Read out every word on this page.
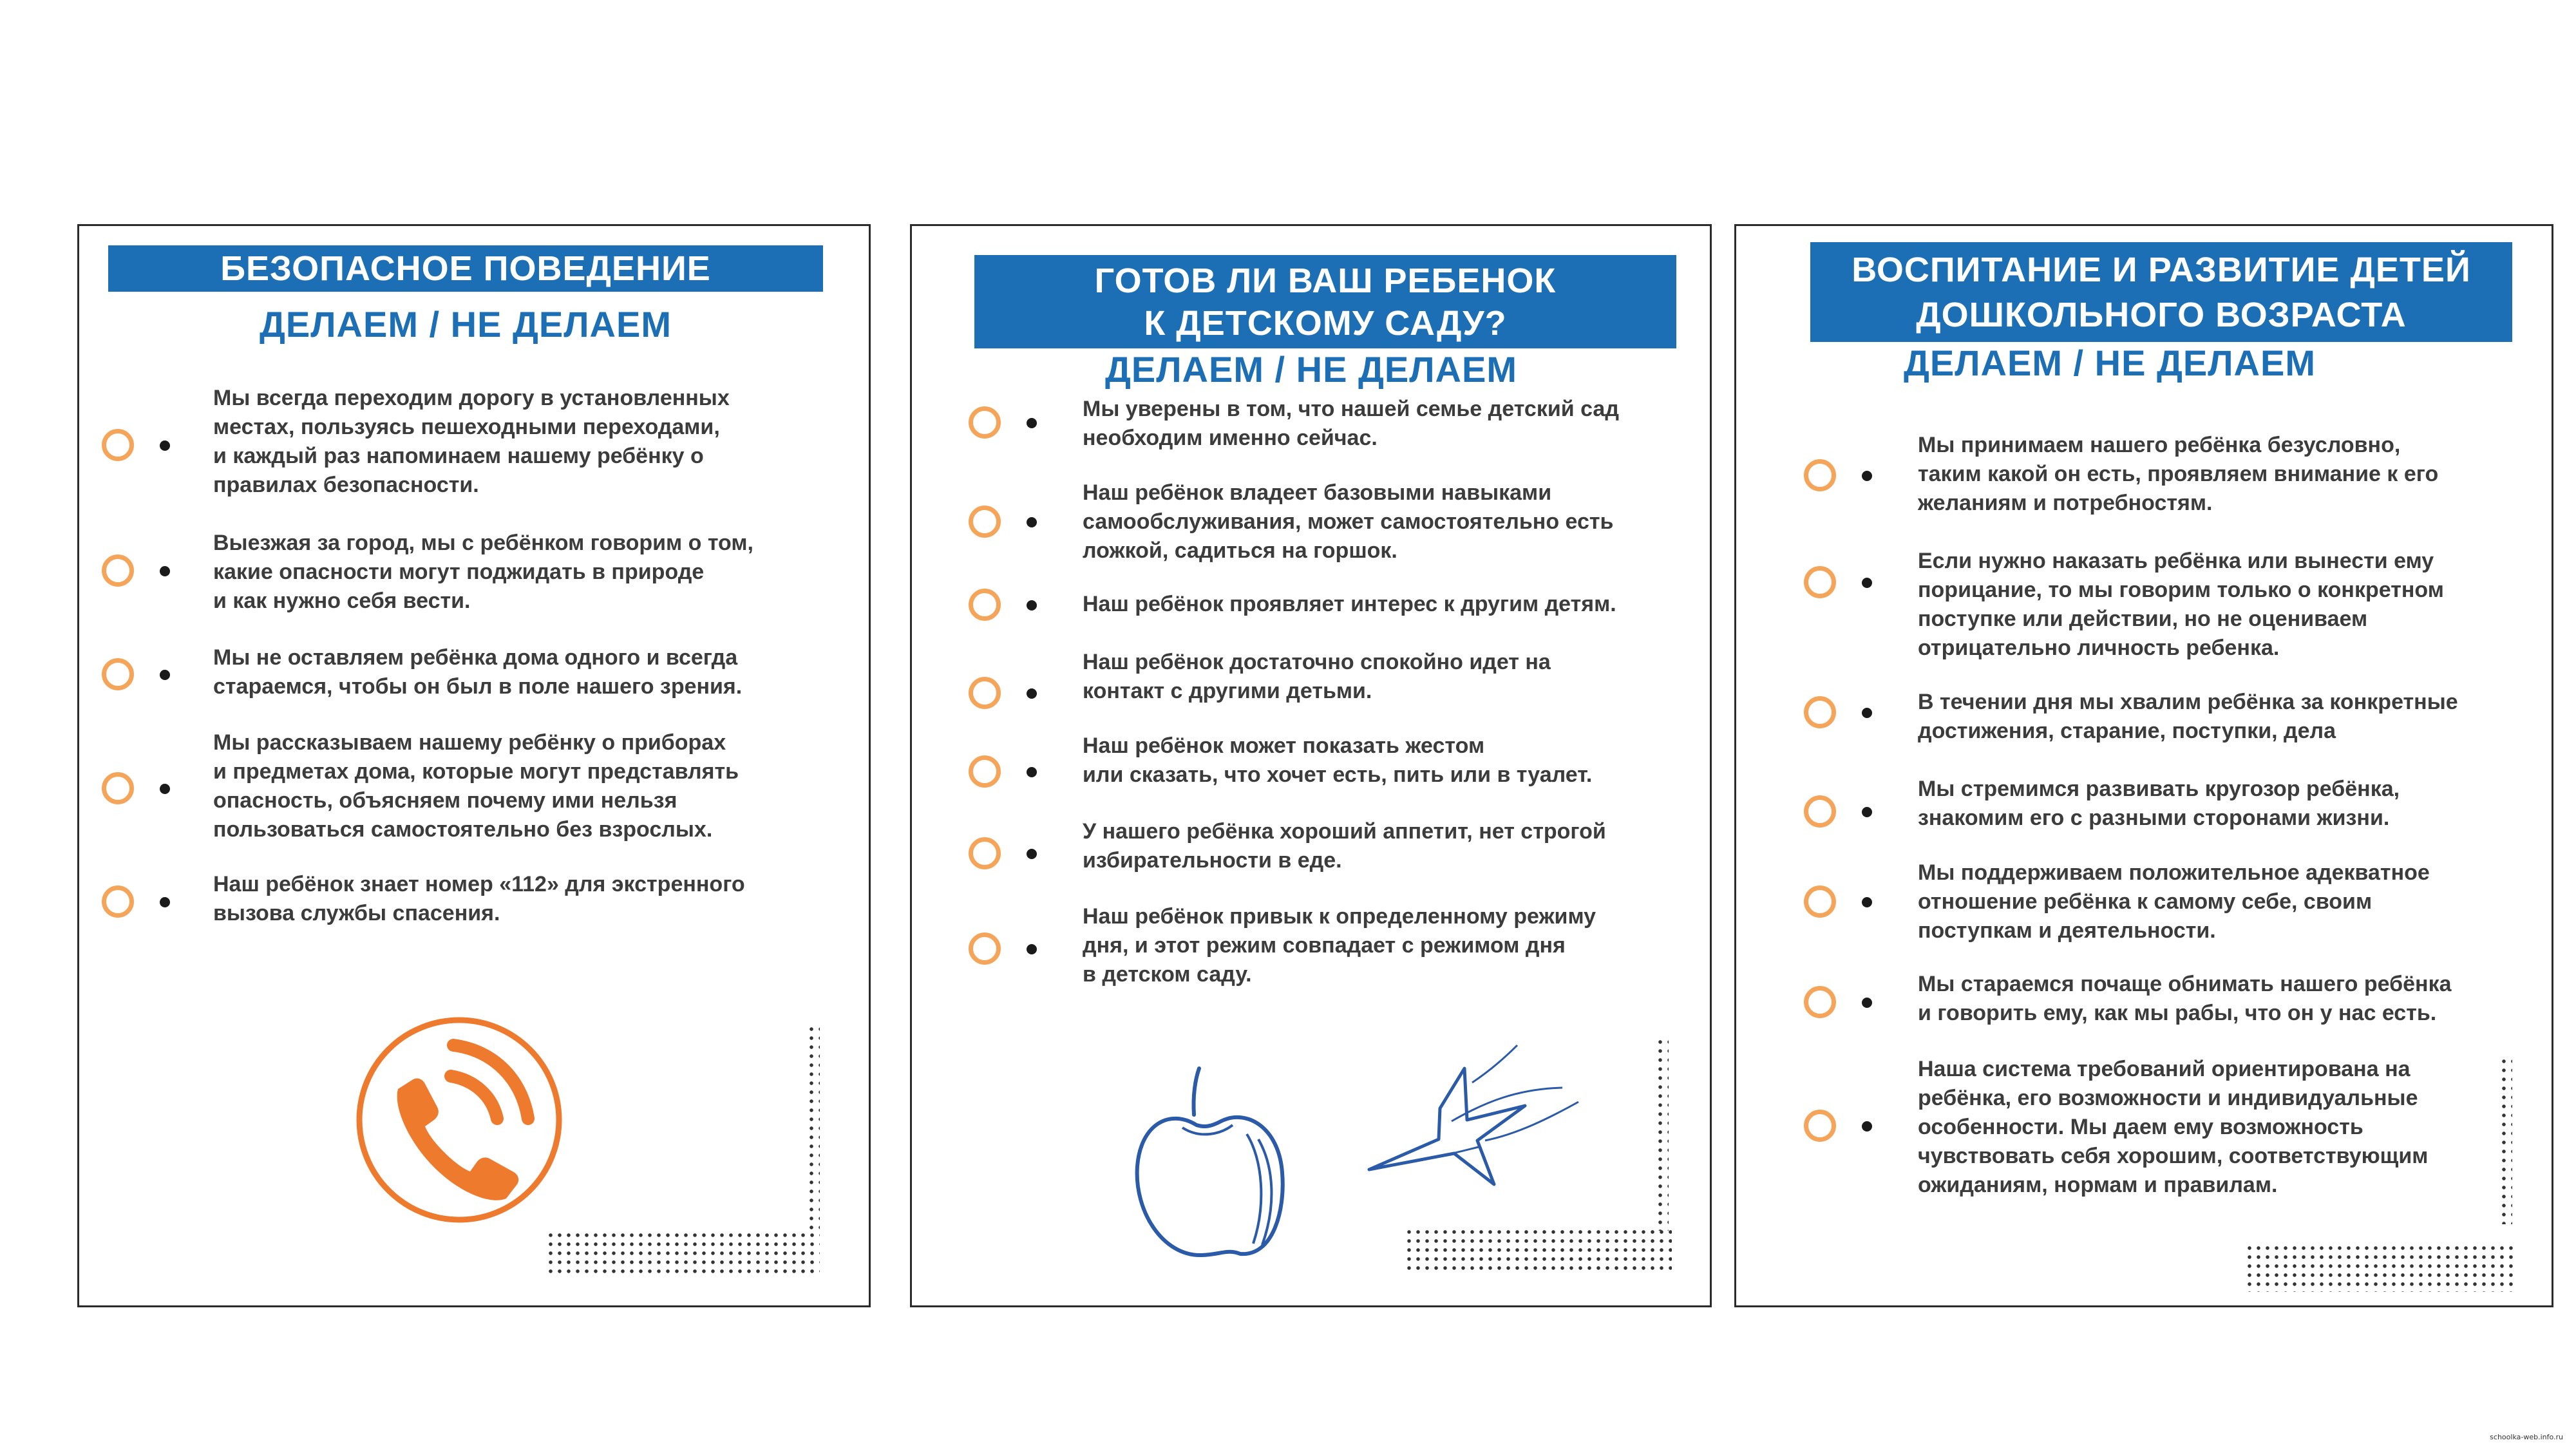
БЕЗОПАСНОЕ ПОВЕДЕНИЕ
ДЕЛАЕМ / НЕ ДЕЛАЕМ
Мы всегда переходим дорогу в установленных
местах, пользуясь пешеходными переходами,
и каждый раз напоминаем нашему ребёнку о
правилах безопасности.
Выезжая за город, мы с ребёнком говорим о том,
какие опасности могут поджидать в природе
и как нужно себя вести.
Мы не оставляем ребёнка дома одного и всегда
стараемся, чтобы он был в поле нашего зрения.
Мы рассказываем нашему ребёнку о приборах
и предметах дома, которые могут представлять
опасность, объясняем почему ими нельзя
пользоваться самостоятельно без взрослых.
Наш ребёнок знает номер «112» для экстренного
вызова службы спасения.
ГОТОВ ЛИ ВАШ РЕБЕНОК
К ДЕТСКОМУ САДУ?
ДЕЛАЕМ / НЕ ДЕЛАЕМ
Мы уверены в том, что нашей семье детский сад
необходим именно сейчас.
Наш ребёнок владеет базовыми навыками
самообслуживания, может самостоятельно есть
ложкой, садиться на горшок.
Наш ребёнок проявляет интерес к другим детям.
Наш ребёнок достаточно спокойно идет на
контакт с другими детьми.
Наш ребёнок может показать жестом
или сказать, что хочет есть, пить или в туалет.
У нашего ребёнка хороший аппетит, нет строгой
избирательности в еде.
Наш ребёнок привык к определенному режиму
дня, и этот режим совпадает с режимом дня
в детском саду.
ВОСПИТАНИЕ И РАЗВИТИЕ ДЕТЕЙ
ДОШКОЛЬНОГО ВОЗРАСТА
ДЕЛАЕМ / НЕ ДЕЛАЕМ
Мы принимаем нашего ребёнка безусловно,
таким какой он есть, проявляем внимание к его
желаниям и потребностям.
Если нужно наказать ребёнка или вынести ему
порицание, то мы говорим только о конкретном
поступке или действии, но не оцениваем
отрицательно личность ребенка.
В течении дня мы хвалим ребёнка за конкретные
достижения, старание, поступки, дела
Мы стремимся развивать кругозор ребёнка,
знакомим его с разными сторонами жизни.
Мы поддерживаем положительное адекватное
отношение ребёнка к самому себе, своим
поступкам и деятельности.
Мы стараемся почаще обнимать нашего ребёнка
и говорить ему, как мы рабы, что он у нас есть.
Наша система требований ориентирована на
ребёнка, его возможности и индивидуальные
особенности. Мы даем ему возможность
чувствовать себя хорошим, соответствующим
ожиданиям, нормам и правилам.
schoolka-web.info.ru
